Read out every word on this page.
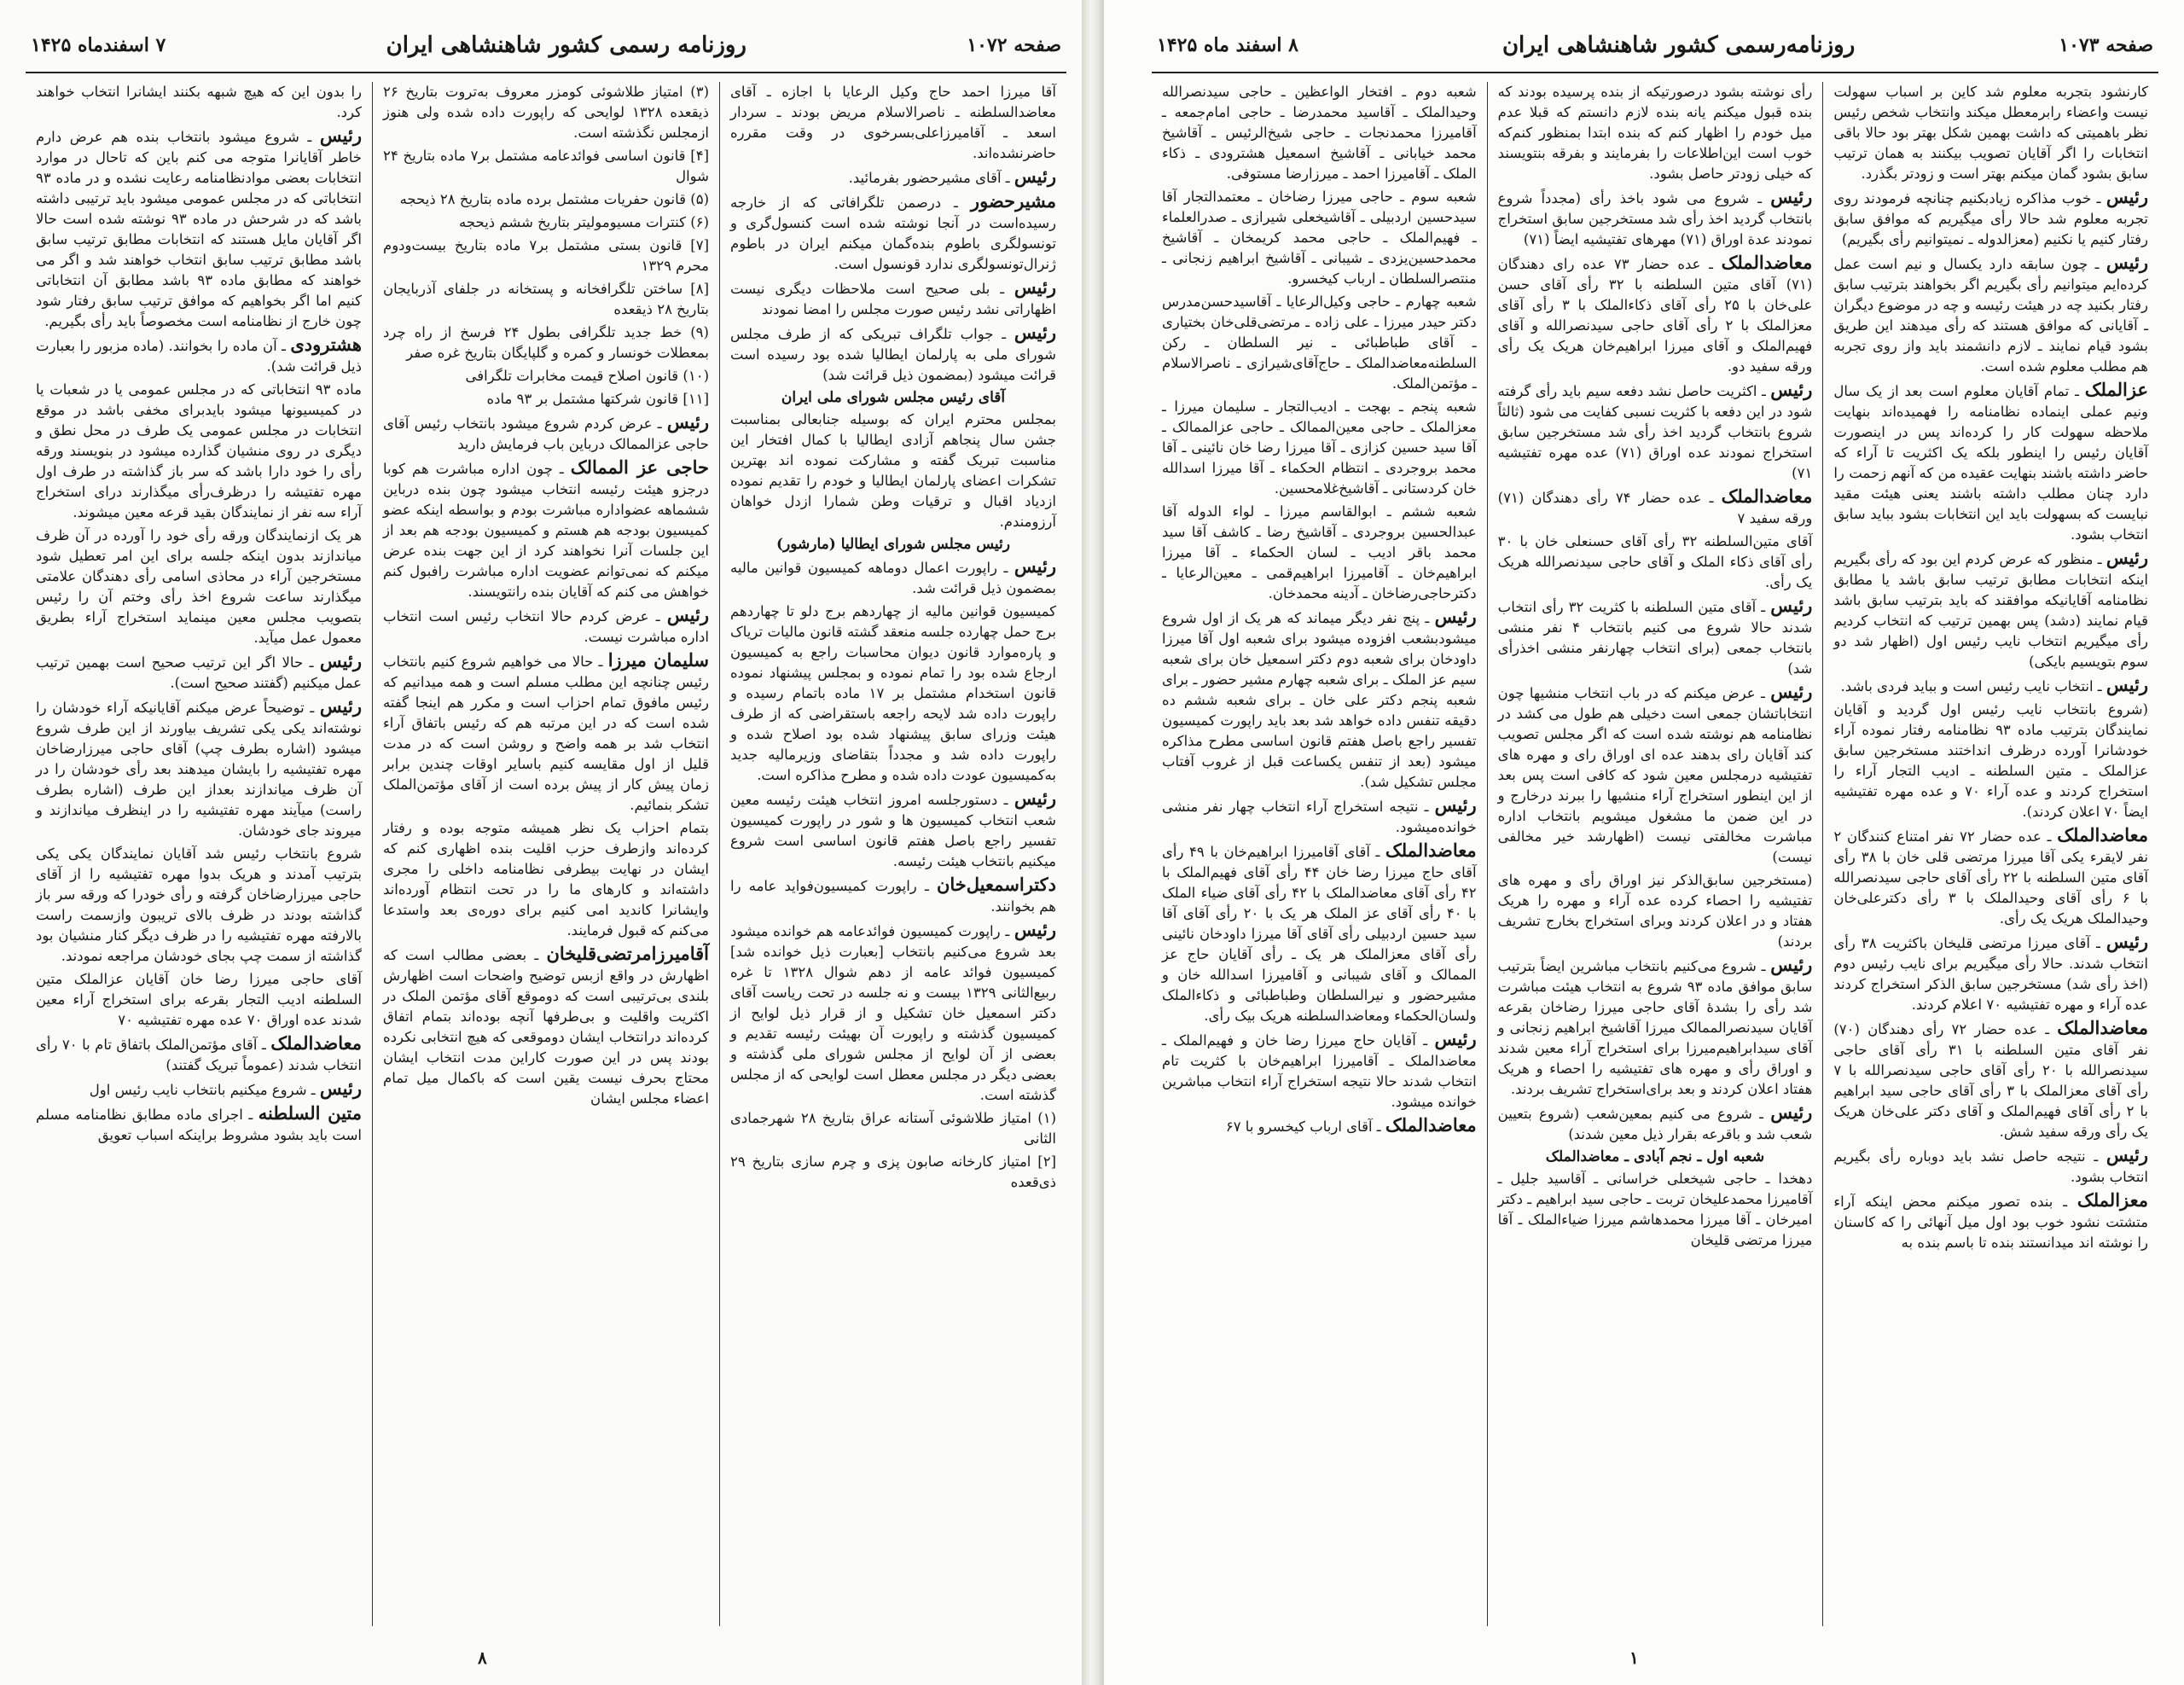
صفحه ۱۰۷۲
روزنامه رسمی کشور شاهنشاهی ایران
۷ اسفندماه ۱۴۲۵
آقا میرزا احمد حاج وکیل الرعایا با اجازه ـ آقای معاضدالسلطنه ـ ناصرالاسلام مریض بودند ـ سردار اسعد ـ آقامیرزاعلی‌بسرخوی در وقت مقرره حاضرنشده‌اند.
رئیس ـ آقای مشیرحضور بفرمائید.
مشیرحضور ـ درصمن تلگرافاتی که از خارجه رسیده‌است در آنجا نوشته شده است کنسول‌گری و تونسولگری باطوم بنده‌گمان میکنم ایران در باطوم ژنرال‌تونسولگری ندارد قونسول است.
رئیس ـ بلی صحیح است ملاحظات دیگری نیست اظهاراتی نشد رئیس صورت مجلس را امضا نمودند
رئیس ـ جواب تلگراف تبریکی که از طرف مجلس شورای ملی به پارلمان ایطالیا شده بود رسیده است قرائت میشود (بمضمون ذیل قرائت شد)
آقای رئیس مجلس شورای ملی ایران
بمجلس محترم ایران که بوسیله جنابعالی بمناسبت جشن سال پنجاهم آزادی ایطالیا با کمال افتخار این مناسبت تبریک گفته و مشارکت نموده اند بهترین تشکرات اعضای پارلمان ایطالیا و خودم را تقدیم نموده ازدیاد اقبال و ترقیات وطن شمارا ازدل خواهان آرزومندم.
رئیس مجلس شورای ایطالیا (مارشور)
رئیس ـ راپورت اعمال دوماهه کمیسیون قوانین مالیه بمضمون ذیل قرائت شد.
کمیسیون قوانین مالیه از چهاردهم برج دلو تا چهاردهم برج حمل چهارده جلسه منعقد گشته قانون مالیات تریاک و پاره‌موارد قانون دیوان محاسبات راجع به کمیسیون ارجاع شده بود را تمام نموده و بمجلس پیشنهاد نموده قانون استخدام مشتمل بر ۱۷ ماده باتمام رسیده و راپورت داده شد لایحه راجعه باستقراضی که از طرف هیئت وزرای سابق پیشنهاد شده بود اصلاح شده و راپورت داده شد و مجدداً بتقاضای وزیرمالیه جدید به‌کمیسیون عودت داده شده و مطرح مذاکره است.
رئیس ـ دستورجلسه امروز انتخاب هیئت رئیسه معین شعب انتخاب کمیسیون ها و شور در راپورت کمیسیون تفسیر راجع باصل هفتم قانون اساسی است شروع میکنیم بانتخاب هیئت رئیسه.
دکتراسمعیل‌خان ـ راپورت کمیسیون‌فواید عامه را هم بخوانند.
رئیس ـ راپورت کمیسیون فوائد‌عامه هم خوانده میشود بعد شروع می‌کنیم بانتخاب [بعبارت ذیل خوانده شد] کمیسیون فوائد عامه از دهم شوال ۱۳۲۸ تا غره ربیع‌الثانی ۱۳۲۹ بیست و نه جلسه در تحت ریاست آقای دکتر اسمعیل خان تشکیل و از قرار ذیل لوایح از کمیسیون گذشته و راپورت آن بهیئت رئیسه تقدیم و بعضی از آن لوایح از مجلس شورای ملی گذشته و بعضی دیگر در مجلس معطل است لوایحی که از مجلس گذشته است.
(۱) امتیاز طلاشوئی آستانه عراق بتاریخ ۲۸ شهرجمادی الثانی
[۲] امتیاز کارخانه صابون پزی و چرم سازی بتاریخ ۲۹ ذی‌قعده
(۳) امتیاز طلاشوئی کومزر معروف به‌تروت بتاریخ ۲۶ ذیقعده ۱۳۲۸ لوایحی که راپورت داده شده ولی هنوز ازمجلس نگذشته است.
[۴] قانون اساسی فوائدعامه مشتمل بر۷ ماده بتاریخ ۲۴ شوال
(۵) قانون حفریات مشتمل برده ماده بتاریخ ۲۸ ذیحجه
(۶) کنترات مسیوموليتر بتاریخ ششم ذیحجه
[۷] قانون بستی مشتمل بر۷ ماده بتاریخ بیست‌ودوم محرم ۱۳۲۹
[۸] ساختن تلگرافخانه و پستخانه در جلفای آذربایجان بتاریخ ۲۸ ذیقعده
(۹) خط جدید تلگرافی بطول ۲۴ فرسخ از راه چرد بمعطلات خونسار و کمره و گلپایگان بتاریخ غره صفر
(۱۰) قانون اصلاح قیمت مخابرات تلگرافی
[۱۱] قانون شرکتها مشتمل بر ۹۳ ماده
رئیس ـ عرض کردم شروع میشود بانتخاب رئیس آقای حاجی عزالممالک درباین باب فرمایش دارید
حاجی عز الممالک ـ چون اداره مباشرت هم کوبا درجزو هیئت رئیسه انتخاب میشود چون بنده درباین ششماهه عضواداره مباشرت بودم و بواسطه اینکه عضو کمیسیون بودجه هم هستم و کمیسیون بودجه هم بعد از این جلسات آنرا نخواهند کرد از این جهت بنده عرض میکنم که نمی‌توانم عضویت اداره مباشرت رافبول کنم خواهش می کنم که آقایان بنده رانتویسند.
رئیس ـ عرض کردم حالا انتخاب رئیس است انتخاب اداره مباشرت نیست.
سلیمان میرزا ـ حالا می خواهیم شروع کنیم بانتخاب رئیس چنانچه این مطلب مسلم است و همه میدانیم که رئیس مافوق تمام احزاب است و مکرر هم اینجا گفته شده است که در این مرتبه هم که رئیس باتفاق آراء انتخاب شد بر همه واضح و روشن است که در مدت قلیل از اول مقایسه کنیم باسایر اوقات چندین برابر زمان پیش کار از پیش برده است از آقای مؤتمن‌الملک تشکر بنمائیم.
بتمام احزاب یک نظر همیشه متوجه بوده و رفتار کرده‌اند وازطرف حزب اقلیت بنده اظهاری کنم که ایشان در نهایت بیطرفی نظامنامه داخلی را مجری داشته‌اند و کارهای ما را در تحت انتظام آورده‌اند وایشانرا کاندید امی کنیم برای دوره‌ی بعد واستدعا می‌کنم که قبول فرمایند.
آقامیرزامرتضی‌قلیخان ـ بعضی مطالب است که اظهارش در واقع ازبس توضیح واضحات است اظهارش بلندی بی‌ترتیبی است که دوموقع آقای مؤتمن الملک در اکثریت واقلیت و بی‌طرفها آنچه بوده‌اند بتمام اتفاق کرده‌اند درانتخاب ایشان دوموقعی که هیچ انتخابی نکرده بودند پس در این صورت کاراین مدت انتخاب ایشان محتاج بحرف نیست یقین است که باکمال میل تمام اعضاء مجلس ایشان
را بدون این که هیچ شبهه بکنند ایشانرا انتخاب خواهند کرد.
رئیس ـ شروع میشود بانتخاب بنده هم عرض دارم خاطر آقایانرا متوجه می کنم باین که تاحال در موارد انتخابات بعضی موادنظامنامه رعایت نشده‌ و در ماده ۹۳ انتخاباتی که در مجلس عمومی میشود باید ترتیبی داشته باشد که در شرحش در ماده ۹۳ نوشته شده است حالا اگر آقایان مایل هستند که انتخابات مطابق ترتیب سابق باشد مطابق ترتیب سابق انتخاب خواهند شد و اگر می خواهند که مطابق ماده ۹۳ باشد مطابق آن انتخاباتی کنیم اما اگر بخواهیم که موافق ترتیب سابق رفتار شود چون خارج از نظامنامه است مخصوصاً باید رأی بگیریم.
هشترودی ـ آن ماده را بخوانند. (ماده مزبور را بعبارت ذیل قرائت شد).
ماده ۹۳ انتخاباتی که در مجلس عمومی یا در شعبات یا در کمیسیونها میشود بایدبرای مخفی باشد در موقع انتخابات در مجلس عمومی یک طرف در محل نطق و دیگری در روی منشیان گذارده میشود در بنویسند ورقه رأی را خود دارا باشد که سر باز گذاشته در طرف اول مهره تفتیشه را درظرف‌رأی میگذارند درای استخراج آراء سه نفر از نمایندگان بقید قرعه معین میشوند.
هر یک ازنمایندگان ورقه رأی خود را آورده در آن ظرف میاندازند بدون اینکه جلسه برای این امر تعطیل شود مستخرجین آراء در محاذی اسامی رأی دهندگان علامتی میگذارند ساعت شروع اخذ رأی وختم آن را رئیس بتصویب مجلس معین مینماید استخراج آراء بطریق معمول عمل میآید.
رئیس ـ حالا اگر این ترتیب صحیح است بهمین ترتیب عمل میکنیم (گفتند صحیح است).
رئیس ـ توضیحاً عرض میکنم آقایانیکه آراء خودشان را نوشته‌اند یکی یکی تشریف بیاورند از این طرف شروع میشود (اشاره بطرف چپ) آقای حاجی میرزارضاخان مهره تفتیشیه را بایشان میدهند بعد رأی خودشان را در آن ظرف میاندازند بعداز این طرف (اشاره بطرف راست) میآیند مهره تفتیشیه را در اینظرف میاندازند و میروند جای خودشان.
شروع بانتخاب رئیس شد آقایان نمایندگان یکی یکی بترتیب آمدند و هریک بدوا مهره تفتیشیه را از آقای حاجی میرزارضاخان گرفته و رأی خودرا که ورقه سر باز گذاشته بودند در ظرف بالای تریبون وازسمت راست بالارفته مهره تفتیشیه را در ظرف دیگر کنار منشیان بود گذاشته از سمت چپ بجای خودشان مراجعه نمودند.
آقای حاجی میرزا رضا خان آقایان عزالملک متین السلطنه ادیب التجار بقرعه برای استخراج آراء معین شدند عده اوراق ۷۰ عده مهره تفتیشیه ۷۰
معاضدالملک ـ آقای مؤتمن‌الملک باتفاق تام با ۷۰ رأی انتخاب شدند (عموماً تبریک گفتند)
رئیس ـ شروع میکنیم بانتخاب نایب رئیس اول
متین السلطنه ـ اجرای ماده مطابق نظامنامه مسلم است باید بشود مشروط براینکه اسباب تعویق
۸
صفحه ۱۰۷۳
روزنامه‌رسمی کشور شاهنشاهی ایران
۸ اسفند ماه ۱۴۲۵
کارنشود بتجربه معلوم شد کاین بر اسباب سهولت نیست واعضاء رابرمعطل میکند وانتخاب شخص رئیس نظر باهمیتی که داشت بهمین شکل بهتر بود حالا باقی انتخابات را اگر آقایان تصویب بیکنند به همان ترتیب سابق بشود گمان میکنم بهتر است و زودتر بگذرد.
رئیس ـ خوب مذاکره زیادبکنیم چنانچه فرمودند روی تجربه معلوم شد حالا رأی میگیریم که موافق سابق رفتار کنیم یا نکنیم (معزالدوله ـ نمیتوانیم رأی بگیریم)
رئیس ـ چون سابقه دارد یکسال و نیم است عمل کرده‌ایم میتوانیم رأی بگیریم اگر بخواهند بترتیب سابق رفتار بکنید چه در هیئت رئیسه و چه در موضوع دیگران ـ آقایانی که موافق هستند که رأی میدهند این طریق بشود قیام نمایند ـ لازم دانشمند باید واز روی تجربه هم مطلب معلوم شده است.
عزالملک ـ تمام آقایان معلوم است بعد از یک سال ونیم عملی اینماده نظامنامه را فهمیده‌اند بنهایت ملاحظه سهولت کار را کرده‌اند پس در اینصورت آقایان رئیس را اینطور بلکه یک اکثریت تا آراء که حاضر داشته باشند بنهایت عقیده من که آنهم زحمت را دارد چنان مطلب داشته باشند یعنی هیئت مقید نبایست که بسهولت باید این انتخابات بشود بباید سابق انتخاب بشود.
رئیس ـ منظور که عرض کردم این بود که رأی بگیریم اینکه انتخابات مطابق ترتیب سابق باشد یا مطابق نظامنامه آقایانیکه موافقند که باید بترتیب سابق باشد قیام نمایند (دشد) پس بهمین ترتیب که انتخاب کردیم رأی میگیریم انتخاب نایب رئیس اول (اظهار شد دو سوم بتویسیم بایکی)
رئیس ـ انتخاب نایب رئیس است و بباید فردی باشد.
(شروع بانتخاب نایب رئیس اول گردید و آقایان نمایندگان بترتیب ماده ۹۳ نظامنامه رفتار نموده آراء خودشانرا آورده درظرف انداختند مستخرجین سابق عزالملک ـ متین السلطنه ـ ادیب التجار آراء را استخراج کردند و عده آراء ۷۰ و عده مهره تفتیشیه ایضاً ۷۰ اعلان کردند).
معاضدالملک ـ عده حضار ۷۲ نفر امتناع کنندگان ۲ نفر لایقرء یکی آقا میرزا مرتضی قلی خان با ۳۸ رأی آقای متین السلطنه با ۲۲ رأی آقای حاجی سیدنصرالله با ۶ رأی آقای وحیدالملک با ۳ رأی دکترعلی‌خان وحیدالملک هریک یک رأی.
رئیس ـ آقای میرزا مرتضی قلیخان باکثریت ۳۸ رأی انتخاب شدند. حالا رأی میگیریم برای نایب رئیس دوم (اخذ رأی شد) مستخرجین سابق الذکر استخراج کردند عده آراء و مهره تفتیشیه ۷۰ اعلام کردند.
معاضدالملک ـ عده حضار ۷۲ رأی دهندگان (۷۰) نفر آقای متین السلطنه با ۳۱ رأی آقای حاجی سیدنصرالله با ۲۰ رأی آقای حاجی سیدنصرالله با ۷ رأی آقای معزالملک با ۳ رأی آقای حاجی سید ابراهیم با ۲ رأی آقای فهیم‌الملک و آقای دکتر علی‌خان هریک یک رأی ورقه سفید شش.
رئیس ـ نتیجه حاصل نشد باید دوباره رأی بگیریم انتخاب بشود.
معزالملک ـ بنده تصور میکنم محض اینکه آراء متشتت نشود خوب بود اول میل آنهائی را که کاسنان را نوشته اند میدانستند بنده تا باسم بنده به
رأی نوشته بشود درصورتیکه از بنده پرسیده بودند که بنده قبول میکنم یانه بنده لازم دانستم که قبلا عدم میل خودم را اظهار کنم که بنده ابتدا بمنظور کنم‌که خوب است این‌اطلاعات را بفرمایند و بفرقه بنتویسند که خیلی زودتر حاصل بشود.
رئیس ـ شروع می شود باخذ رأی (مجدداً شروع بانتخاب گردید اخذ رأی شد مستخرجین سابق استخراج نمودند عدة اوراق (۷۱) مهرهای تفتیشیه ایضاً (۷۱)
معاضدالملک ـ عده حضار ۷۳ عده رای دهندگان (۷۱) آقای متین السلطنه با ۳۲ رأی آقای حسن علی‌خان با ۲۵ رأی آقای ذکاءالملک با ۳ رأی آقای معزالملک با ۲ رأی آقای حاجی سیدنصرالله و آقای فهیم‌الملک و آقای میرزا ابراهیم‌خان هریک یک رأی ورقه سفید دو.
رئیس ـ اکثریت حاصل نشد دفعه سیم باید رأی گرفته شود در این دفعه با کثریت نسبی کفایت می شود (ثالثاً شروع بانتخاب گردید اخذ رأی شد مستخرجین سابق استخراج نمودند عده اوراق (۷۱) عده مهره تفتیشیه ۷۱)
معاضدالملک ـ عده حضار ۷۴ رأی دهندگان (۷۱) ورقه سفید ۷
آقای متین‌السلطنه ۳۲ رأی آقای حسنعلی خان با ۳۰ رأی آقای ذکاء الملک و آقای حاجی سیدنصرالله هریک یک رأی.
رئیس ـ آقای متین السلطنه با کثریت ۳۲ رأی انتخاب شدند حالا شروع می کنیم بانتخاب ۴ نفر منشی بانتخاب جمعی (برای انتخاب چهارنفر منشی اخذرأی شد)
رئیس ـ عرض میکنم که در باب انتخاب منشیها چون انتخاباتشان جمعی است دخیلی هم طول می کشد در نظامنامه هم نوشته شده است که اگر مجلس تصویب کند آقایان رای بدهند عده ای اوراق رای و مهره های تفتیشیه درمجلس معین شود که کافی است پس بعد از این اینطور استخراج آراء منشیها را ببرند درخارج و در این ضمن ما مشغول میشویم بانتخاب اداره مباشرت مخالفتی نیست (اظهارشد خیر مخالفی نیست)
(مستخرجین سابق‌الذکر نیز اوراق رأی و مهره های تفتیشیه را احصاء کرده عده آراء و مهره را هریک هفتاد و در اعلان کردند وبرای استخراج بخارج تشریف بردند)
رئیس ـ شروع می‌کنیم بانتخاب مباشرین ایضاً بترتیب سابق موافق ماده ۹۳ شروع به انتخاب هیئت مباشرت شد رأی را بشدهٔ آقای حاجی میرزا رضاخان بقرعه آقایان سیدنصرالممالک میرزا آقاشیخ ابراهیم زنجانی و آقای سیدابراهیم‌میرزا برای استخراج آراء معین شدند و اوراق رأی و مهره های تفتیشیه را احصاء و هریک هفتاد اعلان کردند و بعد برای‌استخراج تشریف بردند.
رئیس ـ شروع می کنیم بمعین‌شعب (شروع بتعیین شعب شد و باقرعه بقرار ذیل معین شدند)
شعبه اول ـ نجم آبادی ـ معاضدالملک
دهخدا ـ حاجی شیخعلی خراسانی ـ آقاسید جلیل ـ آقامیرزا محمدعلیخان تربت ـ حاجی سید ابراهیم ـ دکتر امیرخان ـ آقا میرزا محمدهاشم میرزا ضیاءالملک ـ آقا میرزا مرتضی قلیخان
شعبه دوم ـ افتخار الواعظین ـ حاجی سیدنصرالله وحیدالملک ـ آقاسید محمدرضا ـ حاجی امام‌جمعه ـ آقامیرزا محمدنجات ـ حاجی شیخ‌الرئیس ـ آقاشیخ محمد خیابانی ـ آقاشیخ اسمعیل هشترودی ـ ذکاء الملک ـ آقامیرزا احمد ـ میرزارضا مستوفی.
شعبه سوم ـ حاجی میرزا رضاخان ـ معتمدالتجار آقا سیدحسین اردبیلی ـ آقاشیخعلی شیرازی ـ صدرالعلماء ـ فهیم‌الملک ـ حاجی محمد کریمخان ـ آقاشیخ محمدحسین‌یزدی ـ شیبانی ـ آقاشیخ ابراهیم زنجانی ـ منتصرالسلطان ـ ارباب کیخسرو.
شعبه چهارم ـ حاجی وکیل‌الرعایا ـ آقاسیدحسن‌مدرس دکتر حیدر میرزا ـ علی زاده ـ مرتضی‌قلی‌خان بختیاری ـ آقای طباطبائی ـ نیر السلطان ـ رکن السلطنه‌معاضدالملک ـ حاج‌آقای‌شیرازی ـ ناصرالاسلام ـ مؤتمن‌الملک.
شعبه پنجم ـ بهجت ـ ادیب‌التجار ـ سلیمان میرزا ـ معزالملک ـ حاجی معین‌الممالک‌ ـ حاجی عزالممالک ـ آقا سید حسین کزازی ـ آقا میرزا رضا خان نائینی ـ آقا محمد بروجردی ـ انتظام الحکماء ـ آقا میرزا اسدالله خان کردستانی ـ آقاشیخ‌غلامحسین.
شعبه ششم ـ ابوالقاسم میرزا ـ لواء الدوله آقا عبدالحسین بروجردی ـ آقاشیخ رضا ـ کاشف آقا سید محمد باقر ادیب ـ لسان الحکماء ـ آقا میرزا ابراهیم‌خان ـ آقامیرزا ابراهیم‌قمی ـ معین‌الرعایا ـ دکترحاجی‌رضاخان ـ آدینه محمدخان.
رئیس ـ پنج نفر دیگر میماند که هر یک از اول شروع میشودبشعب افزوده میشود برای شعبه اول آقا میرزا داودخان برای شعبه دوم دکتر اسمعیل خان برای شعبه سیم عز الملک ـ برای شعبه چهارم مشیر حضور ـ برای شعبه پنجم دکتر علی خان ـ برای شعبه ششم ده دقیقه تنفس داده خواهد شد بعد باید راپورت کمیسیون تفسیر راجع باصل هفتم قانون اساسی مطرح مذاکره میشود (بعد از تنفس یکساعت قبل از غروب آفتاب مجلس تشکیل شد).
رئیس ـ نتیجه استخراج آراء انتخاب چهار نفر منشی خوانده‌میشود.
معاضدالملک ـ آقای آقامیرزا ابراهیم‌خان با ۴۹ رأی آقای حاج میرزا رضا خان ۴۴ رأی آقای فهیم‌الملک با ۴۲ رأی آقای معاضدالملک با ۴۲ رأی آقای ضیاء الملک با ۴۰ رأی آقای عز الملک هر یک با ۲۰ رأی آقای آقا سید حسین اردبیلی رأی آقای آقا میرزا داودخان نائینی رأی آقای معزالملک هر یک ـ رأی آقایان حاج عز الممالک و آقای شیبانی و آقامیرزا اسدالله خان و مشیرحضور و نیرالسلطان وطباطبائی و ذکاءالملک ولسان‌الحکماء ومعاضدالسلطنه هریک بیک رأی.
رئیس ـ آقایان حاج میرزا رضا خان و فهیم‌الملک ـ معاضدالملک ـ آقامیرزا ابراهیم‌خان با کثریت تام انتخاب شدند حالا نتیجه استخراج آراء انتخاب مباشرین خوانده میشود.
معاضدالملک ـ آقای ارباب کیخسرو با ۶۷
۱
